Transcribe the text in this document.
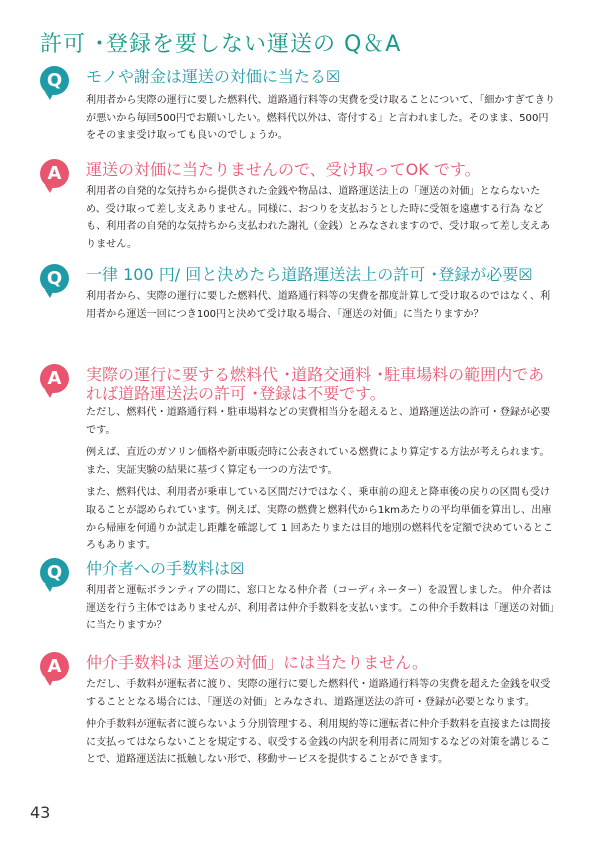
許可 ･登録を要しない運送の Q＆A
Q	モノや謝金は運送の対価に当たる☒

利用者から実際の運行に要した燃料代、道路通行料等の実費を受け取ることについて、「細かすぎてきりが悪いから毎回500円でお願いしたい。燃料代以外は、寄付する」と言われました。そのまま、500円をそのまま受け取っても良いのでしょうか。

A	運送の対価に当たりませんので、受け取ってOK です。

利用者の自発的な気持ちから提供された金銭や物品は、道路運送法上の「運送の対価」とならないため、受け取って差し支えありません。同様に、おつりを支払おうとした時に受領を遠慮する行為 なども、利用者の自発的な気持ちから支払われた謝礼（金銭）とみなされますので、受け取って差し支えありません。

Q	一律 100 円/ 回と決めたら道路運送法上の許可 ･登録が必要☒

利用者から、実際の運行に要した燃料代、道路通行料等の実費を都度計算して受け取るのではなく、利用者から運送一回につき100円と決めて受け取る場合、「運送の対価」に当たりますか？

A	実際の運行に要する燃料代 ･道路交通料 ･駐車場料の範囲内であれば道路運送法の許可 ･登録は不要です。

ただし、燃料代・道路通行料・駐車場料などの実費相当分を超えると、道路運送法の許可・登録が必要です。

例えば、直近のガソリン価格や新車販売時に公表されている燃費により算定する方法が考えられます。また、実証実験の結果に基づく算定も一つの方法です。

また、燃料代は、利用者が乗車している区間だけではなく、乗車前の迎えと降車後の戻りの区間も受け取ることが認められています。例えば、実際の燃費と燃料代から1kmあたりの平均単価を算出し、出庫から帰庫を何通りか試走し距離を確認して 1 回あたりまたは目的地別の燃料代を定額で決めているところもあります。

Q	仲介者への手数料は☒

利用者と運転ボランティアの間に、窓口となる仲介者（コーディネーター）を設置しました。 仲介者は運送を行う主体ではありませんが、利用者は仲介手数料を支払います。この仲介手数料は「運送の対価」に当たりますか？

A	仲介手数料は 運送の対価」には当たりません。

ただし、手数料が運転者に渡り、実際の運行に要した燃料代・道路通行料等の実費を超えた金銭を収受することとなる場合には、「運送の対価」とみなされ、道路運送法の許可・登録が必要となります。

仲介手数料が運転者に渡らないよう分別管理する、利用規約等に運転者に仲介手数料を直接または間接に支払ってはならないことを規定する、収受する金銭の内訳を利用者に周知するなどの対策を講じることで、道路運送法に抵触しない形で、移動サービスを提供することができます。

43
